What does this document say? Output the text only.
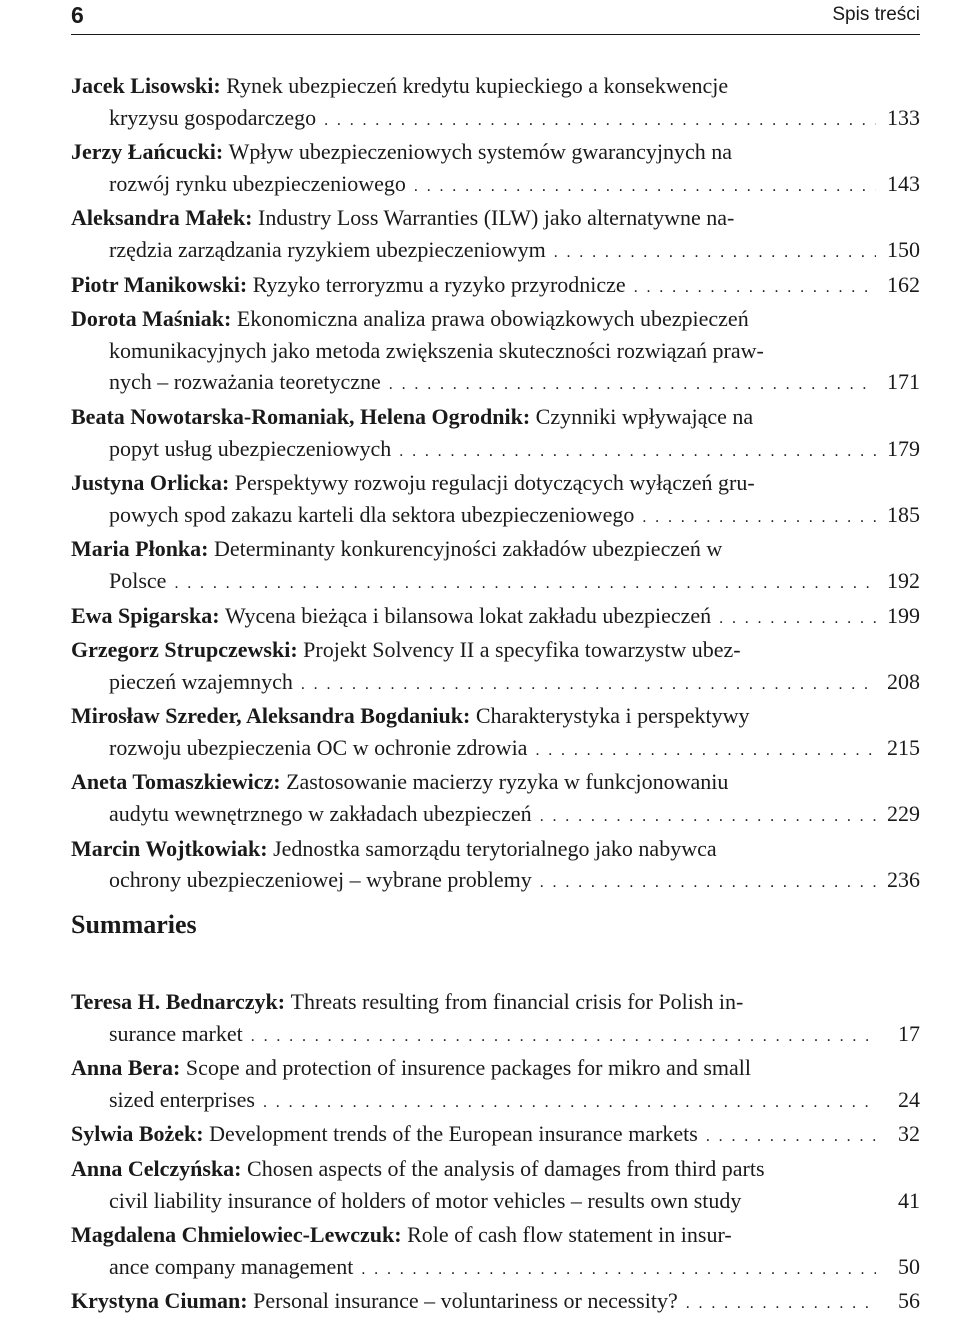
6	Spis treści
Jacek Lisowski:
Rynek ubezpieczeń kredytu kupieckiego a konsekwencje
kryzysu gospodarczego . . .	133
Jerzy Łańcucki:
Wpływ ubezpieczeniowych systemów gwarancyjnych na
rozwój rynku ubezpieczeniowego . . .	143
Aleksandra Małek:
Industry Loss Warranties (ILW) jako alternatywne na-
rzędzia zarządzania ryzykiem ubezpieczeniowym . . .	150
Piotr Manikowski:
Ryzyko terroryzmu a ryzyko przyrodnicze . . .	162
Dorota Maśniak:
Ekonomiczna analiza prawa obowiązkowych ubezpieczeń
komunikacyjnych jako metoda zwiększenia skuteczności rozwiązań praw-
nych – rozważania teoretyczne . . .	171
Beata Nowotarska-Romaniak, Helena Ogrodnik:
Czynniki wpływające na
popyt usług ubezpieczeniowych . . .	179
Justyna Orlicka:
Perspektywy rozwoju regulacji dotyczących wyłączeń gru-
powych spod zakazu karteli dla sektora ubezpieczeniowego . . .	185
Maria Płonka:
Determinanty konkurencyjności zakładów ubezpieczeń w
Polsce . . .	192
Ewa Spigarska:
Wycena bieżąca i bilansowa lokat zakładu ubezpieczeń . . .	199
Grzegorz Strupczewski:
Projekt Solvency II a specyfika towarzystw ubez-
pieczeń wzajemnych . . .	208
Mirosław Szreder, Aleksandra Bogdaniuk:
Charakterystyka i perspektywy
rozwoju ubezpieczenia OC w ochronie zdrowia . . .	215
Aneta Tomaszkiewicz:
Zastosowanie macierzy ryzyka w funkcjonowaniu
audytu wewnętrznego w zakładach ubezpieczeń . . .	229
Marcin Wojtkowiak:
Jednostka samorządu terytorialnego jako nabywca
ochrony ubezpieczeniowej – wybrane problemy . . .	236
Summaries
Teresa H. Bednarczyk:
Threats resulting from financial crisis for Polish in-
surance market . . .	17
Anna Bera:
Scope and protection of insurence packages for mikro and small
sized enterprises . . .	24
Sylwia Bożek:
Development trends of the European insurance markets . . .	32
Anna Celczyńska:
Chosen aspects of the analysis of damages from third parts
civil liability insurance of holders of motor vehicles – results own study	41
Magdalena Chmielowiec-Lewczuk:
Role of cash flow statement in insur-
ance company management . . .	50
Krystyna Ciuman:
Personal insurance – voluntariness or necessity? . . .	56
